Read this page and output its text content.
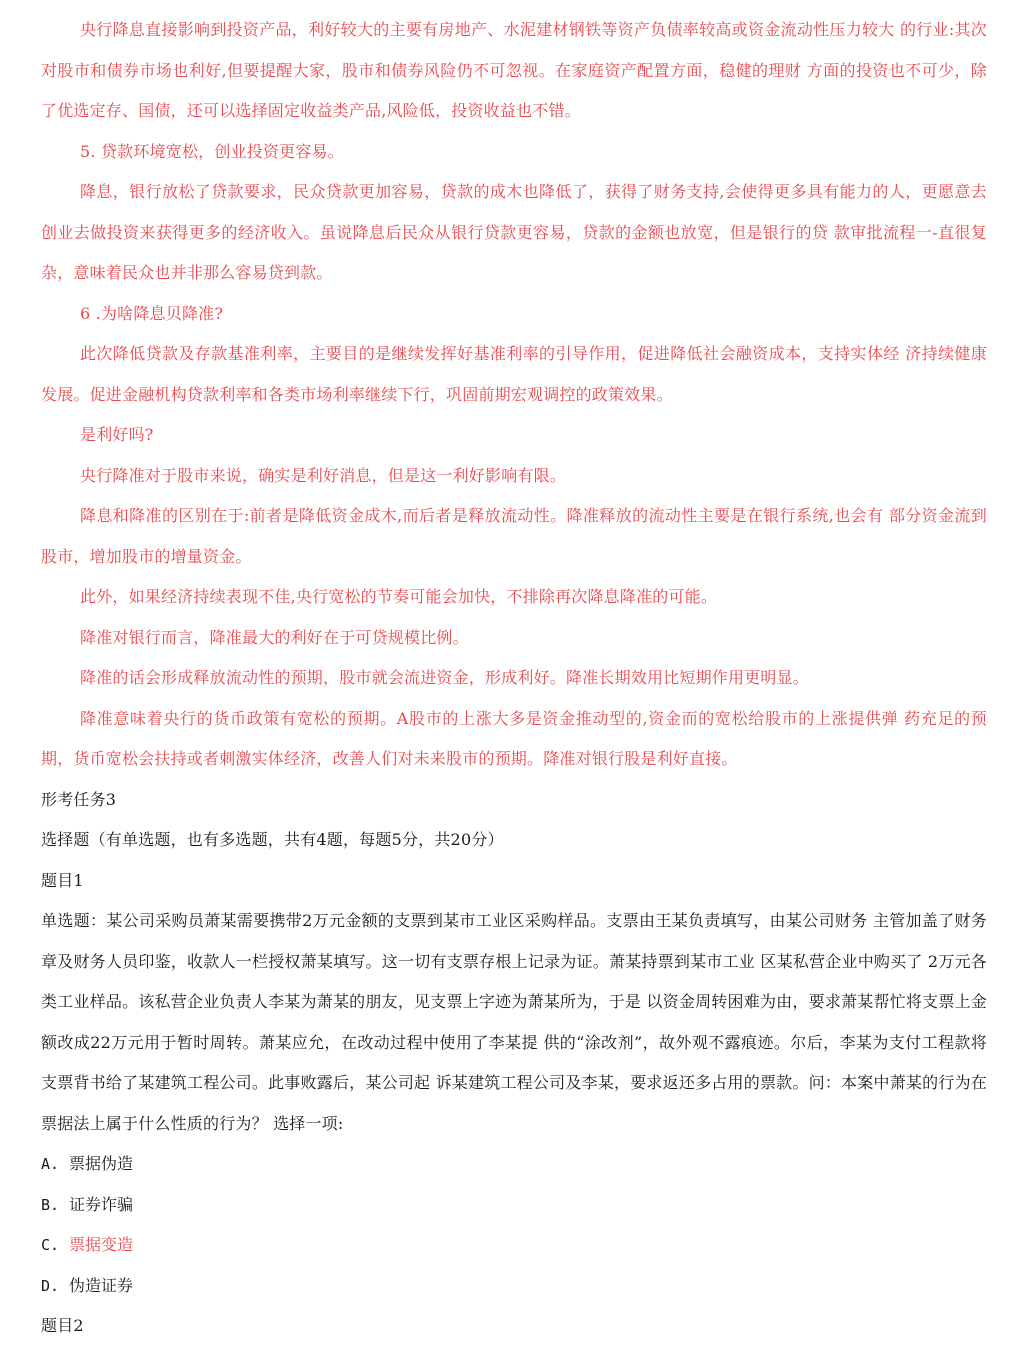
央行降息直接影响到投资产品，利好较大的主要有房地产、水泥建材钢铁等资产负债率较高或资金流动性压力较大 的行业:其次对股市和债券市场也利好,但要提醒大家，股市和债券风险仍不可忽视。在家庭资产配置方面，稳健的理财 方面的投资也不可少，除了优选定存、国债，还可以选择固定收益类产品,风险低，投资收益也不错。

5. 贷款环境宽松，创业投资更容易。

降息，银行放松了贷款要求，民众贷款更加容易，贷款的成木也降低了，获得了财务支持,会使得更多具有能力的人，更愿意去创业去做投资来获得更多的经济收入。虽说降息后民众从银行贷款更容易，贷款的金额也放宽，但是银行的贷 款审批流程一-直很复杂，意味着民众也并非那么容易贷到款。

6 .为啥降息贝降准?

此次降低贷款及存款基准利率，主要目的是继续发挥好基准利率的引导作用，促进降低社会融资成本，支持实体经 济持续健康发展。促进金融机构贷款利率和各类市场利率继续下行，巩固前期宏观调控的政策效果。

是利好吗?

央行降准对于股市来说，确实是利好消息，但是这一利好影响有限。

降息和降准的区别在于:前者是降低资金成木,而后者是释放流动性。降准释放的流动性主要是在银行系统,也会有 部分资金流到股市，增加股市的增量资金。

此外，如果经济持续表现不佳,央行宽松的节奏可能会加快，不排除再次降息降准的可能。

降准对银行而言，降准最大的利好在于可贷规模比例。

降准的话会形成释放流动性的预期，股市就会流进资金，形成利好。降准长期效用比短期作用更明显。

降准意味着央行的货币政策有宽松的预期。A股市的上涨大多是资金推动型的,资金而的宽松给股市的上涨提供弹 药充足的预期，货币宽松会扶持或者刺激实体经济，改善人们对未来股市的预期。降准对银行股是利好直接。

形考任务3

选择题（有单选题，也有多选题，共有4题，每题5分，共20分）

题目1

单选题：某公司采购员萧某需要携带2万元金额的支票到某市工业区采购样品。支票由王某负责填写，由某公司财务 主管加盖了财务章及财务人员印鉴，收款人一栏授权萧某填写。这一切有支票存根上记录为证。萧某持票到某市工业 区某私营企业中购买了 2万元各类工业样品。该私营企业负责人李某为萧某的朋友，见支票上字迹为萧某所为，于是 以资金周转困难为由，要求萧某帮忙将支票上金额改成22万元用于暂时周转。萧某应允，在改动过程中使用了李某提 供的“涂改剂”，故外观不露痕迹。尔后，李某为支付工程款将支票背书给了某建筑工程公司。此事败露后，某公司起 诉某建筑工程公司及李某，要求返还多占用的票款。问：本案中萧某的行为在票据法上属于什么性质的行为？ 选择一项:

A. 票据伪造

B. 证券诈骗

C. 票据变造

D. 伪造证券

题目2
